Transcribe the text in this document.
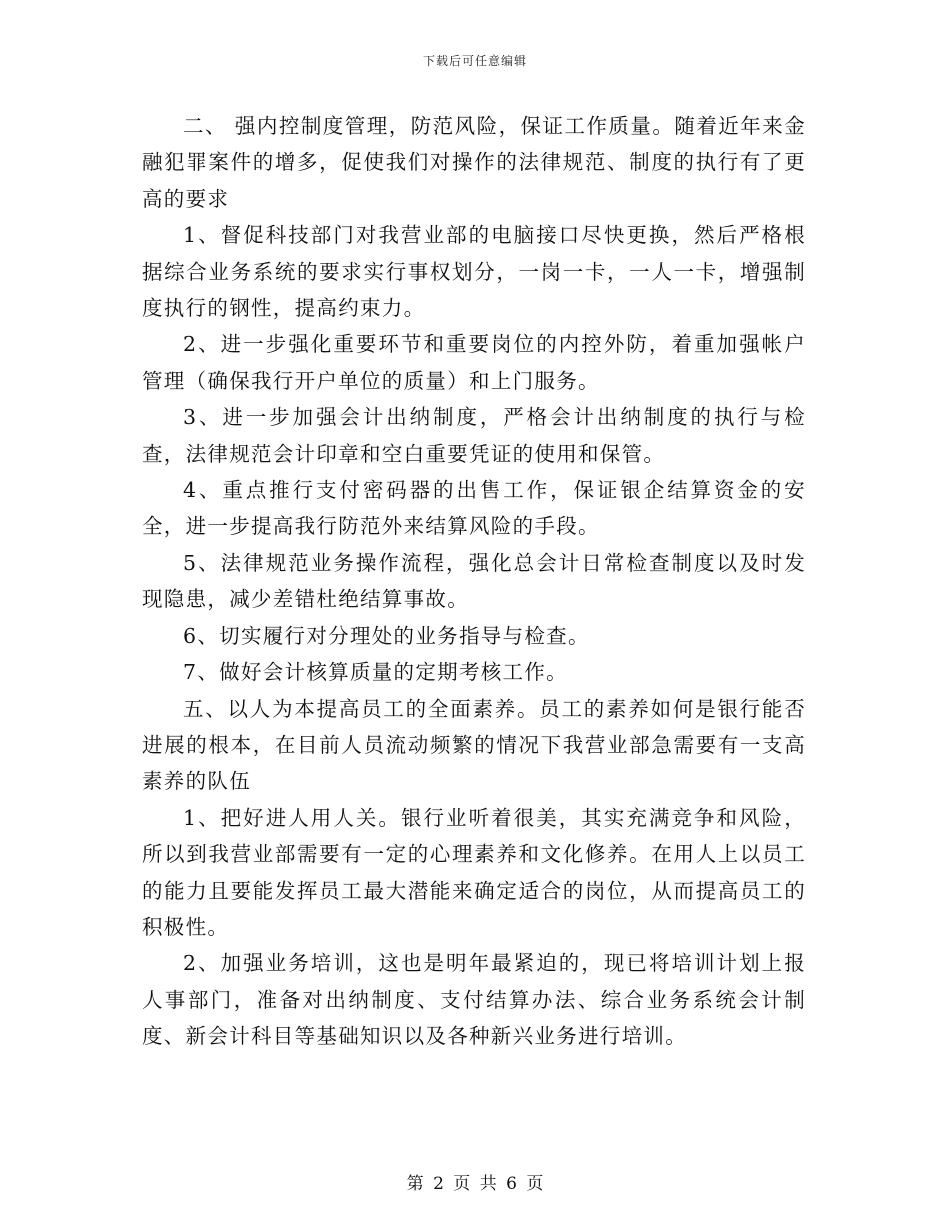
下载后可任意编辑

二、 强内控制度管理，防范风险，保证工作质量。随着近年来金融犯罪案件的增多，促使我们对操作的法律规范、制度的执行有了更高的要求

1、督促科技部门对我营业部的电脑接口尽快更换，然后严格根据综合业务系统的要求实行事权划分，一岗一卡，一人一卡，增强制度执行的钢性，提高约束力。

2、进一步强化重要环节和重要岗位的内控外防，着重加强帐户管理（确保我行开户单位的质量）和上门服务。

3、进一步加强会计出纳制度，严格会计出纳制度的执行与检查，法律规范会计印章和空白重要凭证的使用和保管。

4、重点推行支付密码器的出售工作，保证银企结算资金的安全，进一步提高我行防范外来结算风险的手段。

5、法律规范业务操作流程，强化总会计日常检查制度以及时发现隐患，减少差错杜绝结算事故。

6、切实履行对分理处的业务指导与检查。

7、做好会计核算质量的定期考核工作。

五、以人为本提高员工的全面素养。员工的素养如何是银行能否进展的根本，在目前人员流动频繁的情况下我营业部急需要有一支高素养的队伍

1、把好进人用人关。银行业听着很美，其实充满竞争和风险，所以到我营业部需要有一定的心理素养和文化修养。在用人上以员工的能力且要能发挥员工最大潜能来确定适合的岗位，从而提高员工的积极性。

2、加强业务培训，这也是明年最紧迫的，现已将培训计划上报人事部门，准备对出纳制度、支付结算办法、综合业务系统会计制度、新会计科目等基础知识以及各种新兴业务进行培训。

第 2 页 共 6 页
